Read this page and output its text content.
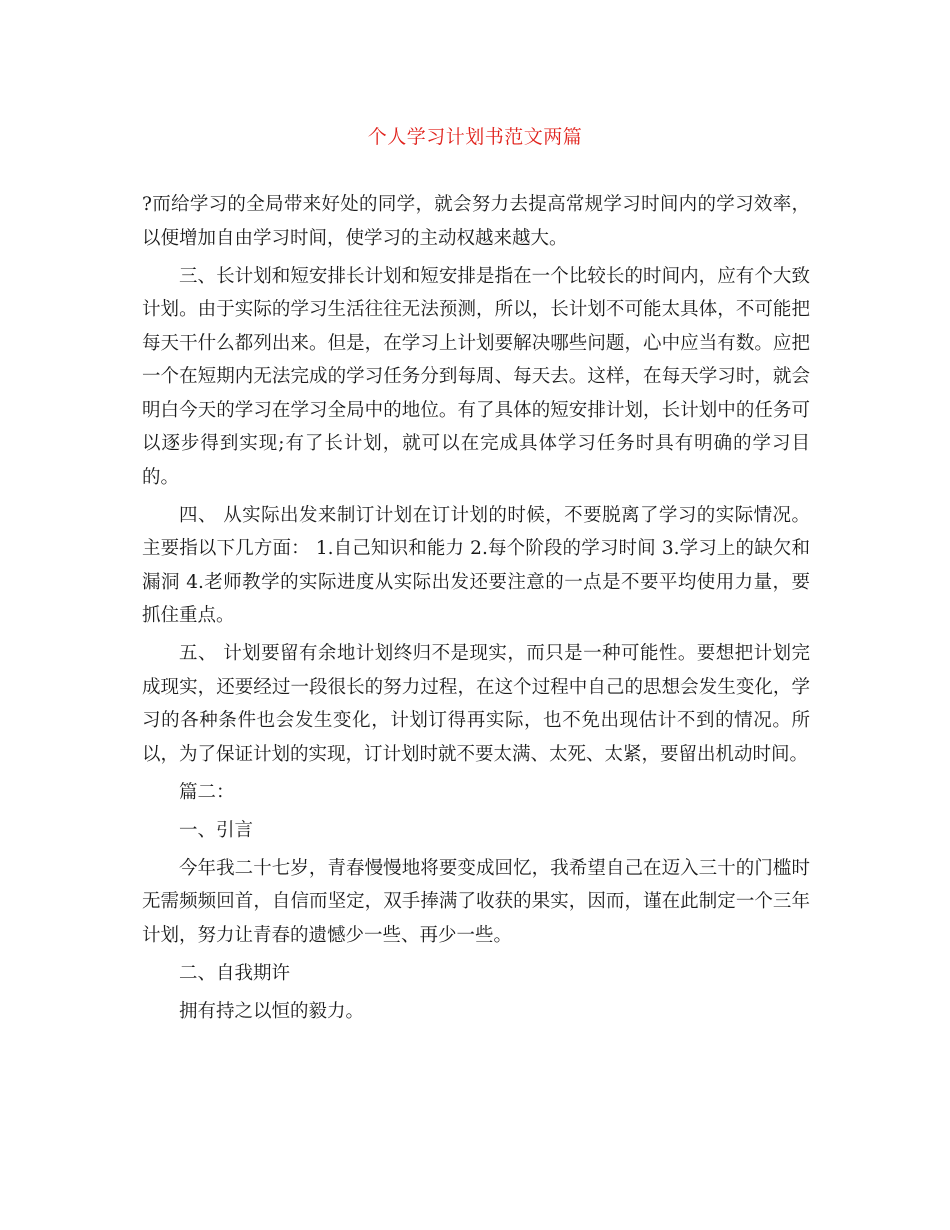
个人学习计划书范文两篇

?而给学习的全局带来好处的同学，就会努力去提高常规学习时间内的学习效率，以便增加自由学习时间，使学习的主动权越来越大。

三、长计划和短安排长计划和短安排是指在一个比较长的时间内，应有个大致计划。由于实际的学习生活往往无法预测，所以，长计划不可能太具体，不可能把每天干什么都列出来。但是，在学习上计划要解决哪些问题，心中应当有数。应把一个在短期内无法完成的学习任务分到每周、每天去。这样，在每天学习时，就会明白今天的学习在学习全局中的地位。有了具体的短安排计划，长计划中的任务可以逐步得到实现;有了长计划，就可以在完成具体学习任务时具有明确的学习目的。

四、 从实际出发来制订计划在订计划的时候，不要脱离了学习的实际情况。主要指以下几方面： 1.自己知识和能力 2.每个阶段的学习时间 3.学习上的缺欠和漏洞 4.老师教学的实际进度从实际出发还要注意的一点是不要平均使用力量，要抓住重点。

五、 计划要留有余地计划终归不是现实，而只是一种可能性。要想把计划完成现实，还要经过一段很长的努力过程，在这个过程中自己的思想会发生变化，学习的各种条件也会发生变化，计划订得再实际，也不免出现估计不到的情况。所以，为了保证计划的实现，订计划时就不要太满、太死、太紧，要留出机动时间。

篇二：

一、引言

今年我二十七岁，青春慢慢地将要变成回忆，我希望自己在迈入三十的门槛时无需频频回首，自信而坚定，双手捧满了收获的果实，因而，谨在此制定一个三年计划，努力让青春的遗憾少一些、再少一些。

二、自我期许

拥有持之以恒的毅力。
